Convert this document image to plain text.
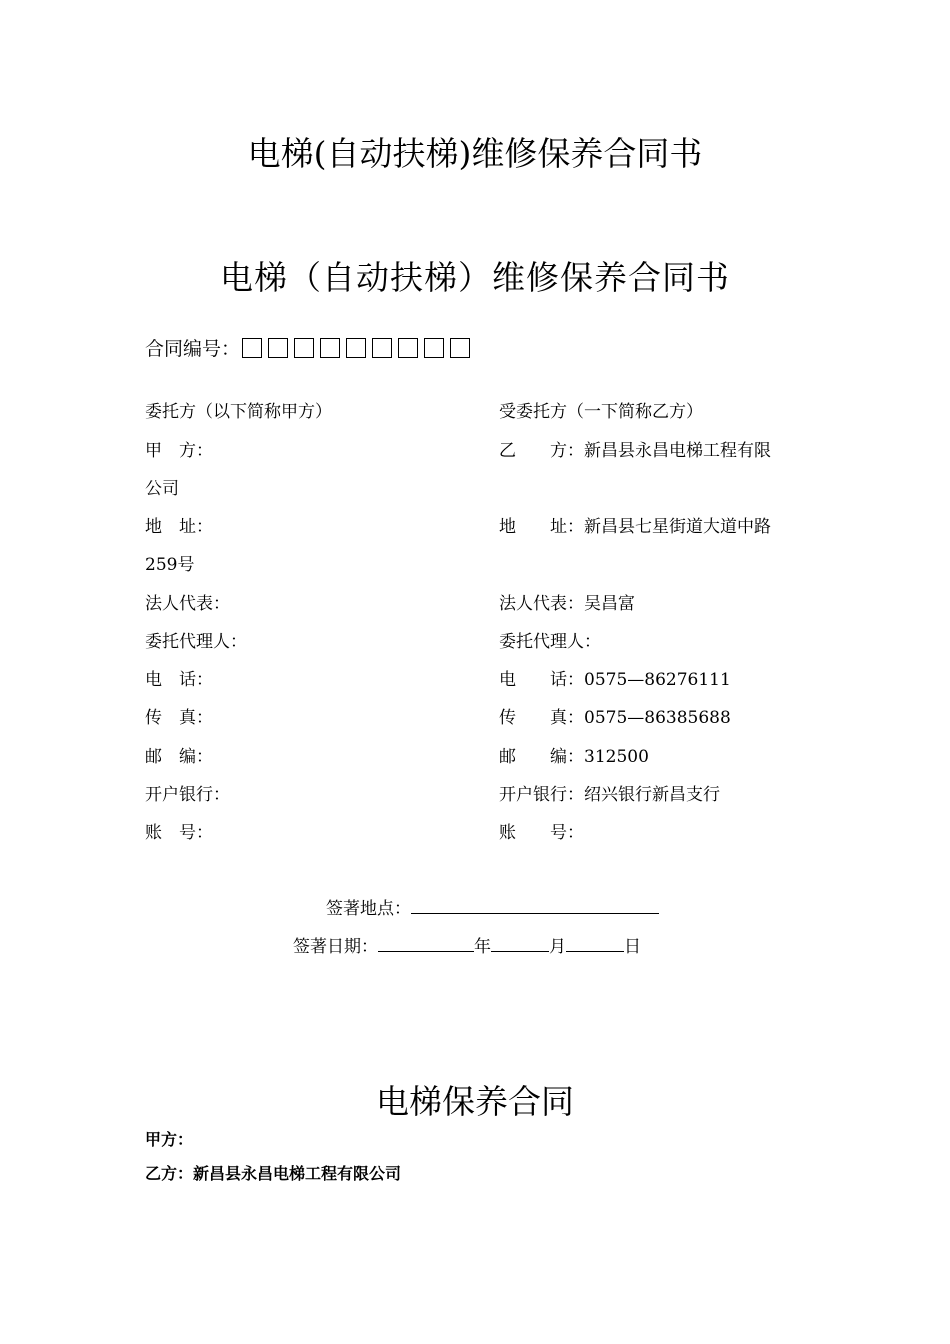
电梯(自动扶梯)维修保养合同书
电梯（自动扶梯）维修保养合同书
合同编号：
委托方（以下简称甲方）	受委托方（一下简称乙方）
甲　方：	乙　　方：新昌县永昌电梯工程有限
公司
地　址：	地　　址：新昌县七星街道大道中路
259号
法人代表：	法人代表：吴昌富
委托代理人：	委托代理人：
电　话：	电　　话：0575—86276111
传　真：	传　　真：0575—86385688
邮　编：	邮　　编：312500
开户银行：	开户银行：绍兴银行新昌支行
账　号：	账　　号：
签著地点：
签著日期：	年	月	日
电梯保养合同
甲方：
乙方：新昌县永昌电梯工程有限公司
